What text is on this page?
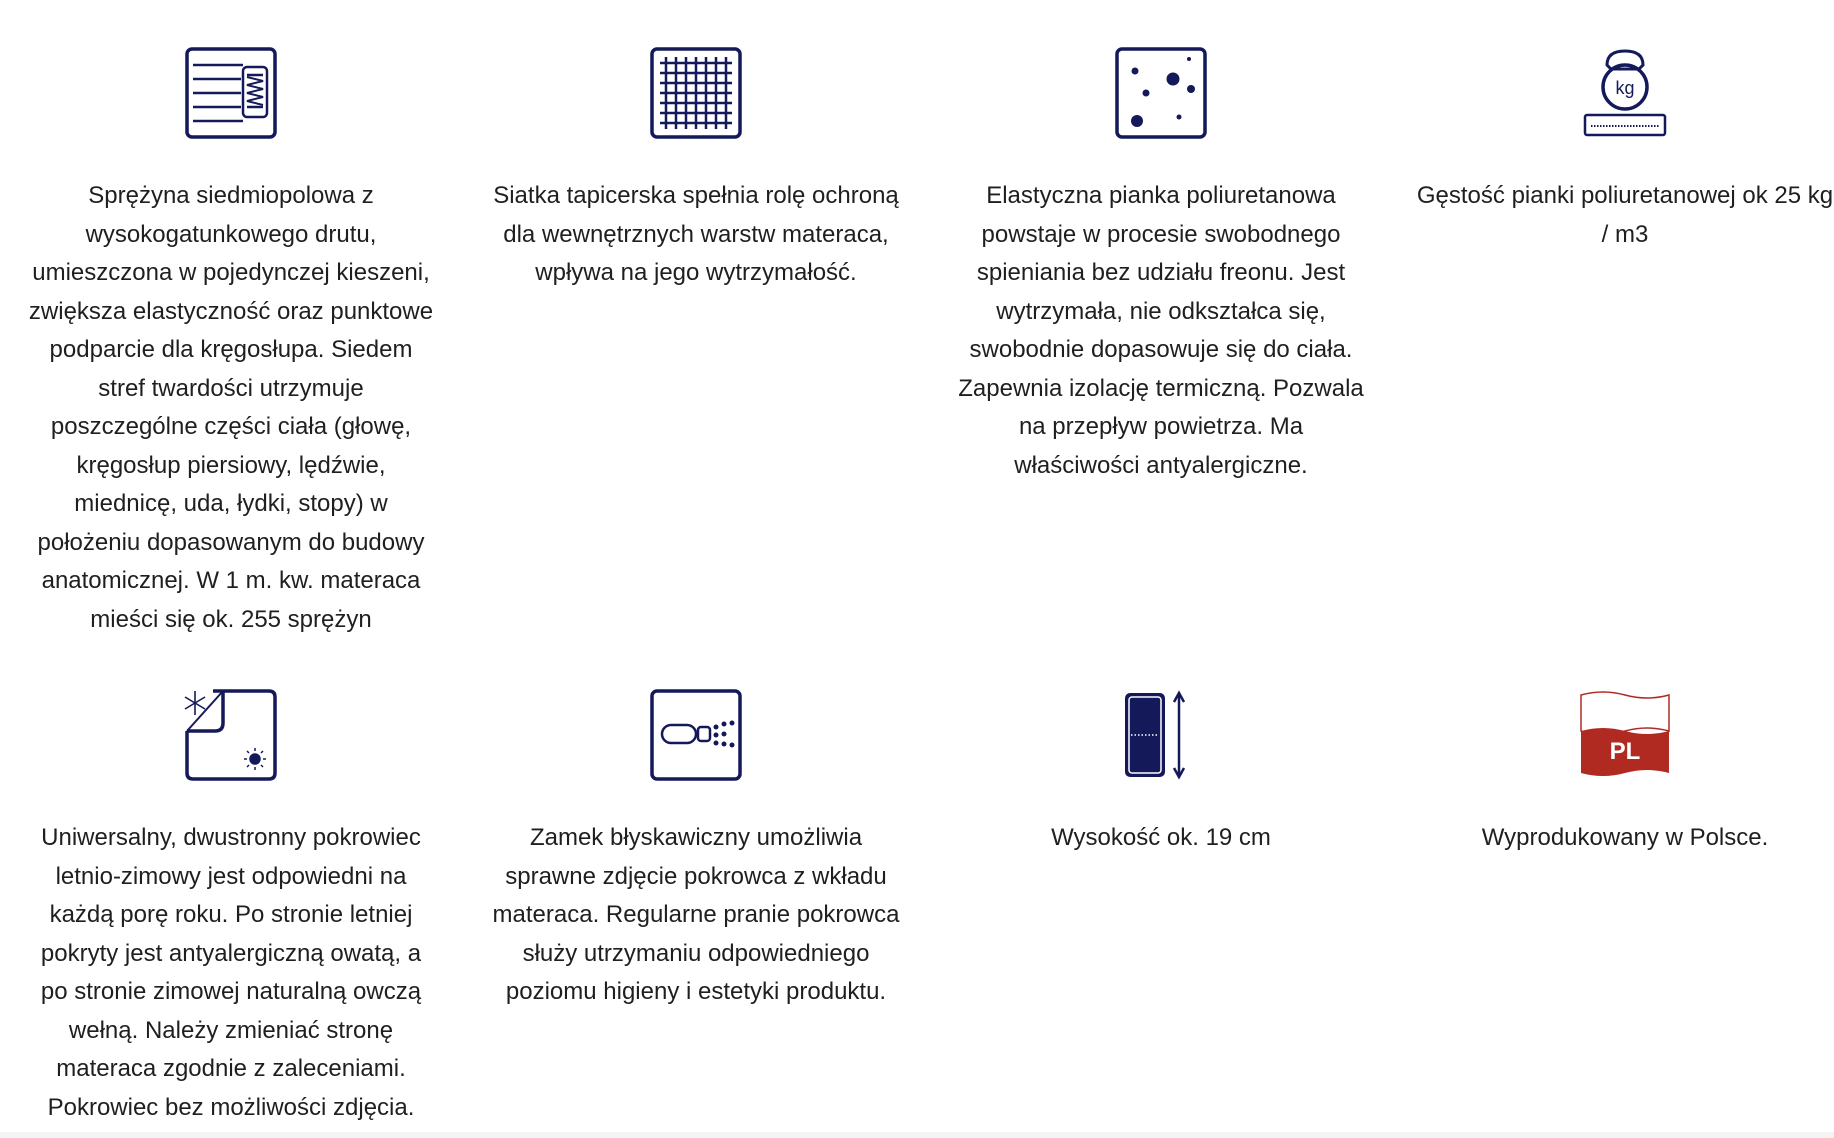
Sprężyna siedmiopolowa z wysokogatunkowego drutu, umieszczona w pojedynczej kieszeni, zwiększa elastyczność oraz punktowe podparcie dla kręgosłupa. Siedem stref twardości utrzymuje poszczególne części ciała (głowę, kręgosłup piersiowy, lędźwie, miednicę, uda, łydki, stopy) w położeniu dopasowanym do budowy anatomicznej. W 1 m. kw. materaca mieści się ok. 255 sprężyn
Siatka tapicerska spełnia rolę ochroną dla wewnętrznych warstw materaca, wpływa na jego wytrzymałość.
Elastyczna pianka poliuretanowa powstaje w procesie swobodnego spieniania bez udziału freonu. Jest wytrzymała, nie odkształca się, swobodnie dopasowuje się do ciała. Zapewnia izolację termiczną. Pozwala na przepływ powietrza. Ma właściwości antyalergiczne.
kg
Gęstość pianki poliuretanowej ok 25 kg / m3
Uniwersalny, dwustronny pokrowiec letnio-zimowy jest odpowiedni na każdą porę roku. Po stronie letniej pokryty jest antyalergiczną owatą, a po stronie zimowej naturalną owczą wełną. Należy zmieniać stronę materaca zgodnie z zaleceniami. Pokrowiec bez możliwości zdjęcia.
Zamek błyskawiczny umożliwia sprawne zdjęcie pokrowca z wkładu materaca. Regularne pranie pokrowca służy utrzymaniu odpowiedniego poziomu higieny i estetyki produktu.
Wysokość ok. 19 cm
PL
Wyprodukowany w Polsce.
